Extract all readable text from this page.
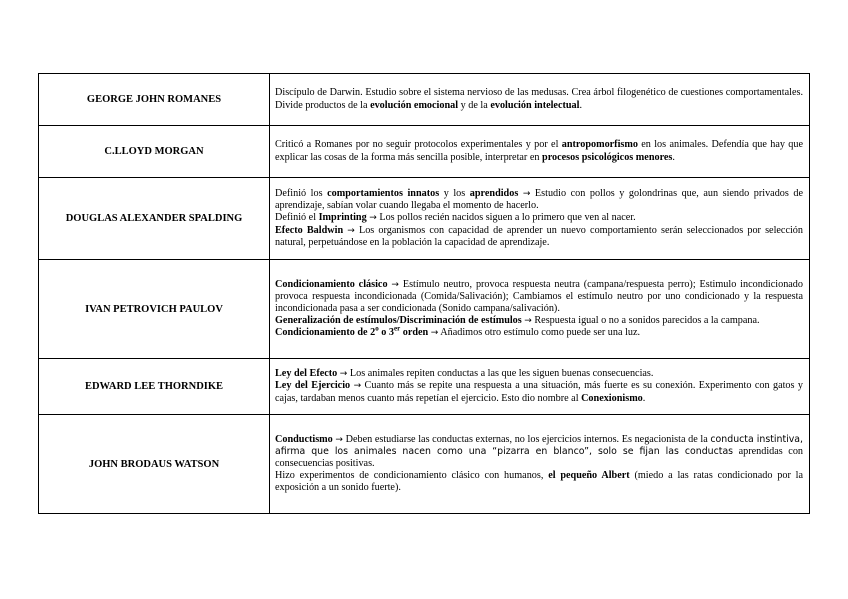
GEORGE JOHN ROMANES	Discípulo de Darwin. Estudio sobre el sistema nervioso de las medusas. Crea árbol filogenético de cuestiones comportamentales. Divide productos de la evolución emocional y de la evolución intelectual.

C.LLOYD MORGAN	Criticó a Romanes por no seguir protocolos experimentales y por el antropomorfismo en los animales. Defendía que hay que explicar las cosas de la forma más sencilla posible, interpretar en procesos psicológicos menores.

DOUGLAS ALEXANDER SPALDING	Definió los comportamientos innatos y los aprendidos → Estudio con pollos y golondrinas que, aun siendo privados de aprendizaje, sabían volar cuando llegaba el momento de hacerlo.

Definió el Imprinting → Los pollos recién nacidos siguen a lo primero que ven al nacer.

Efecto Baldwin → Los organismos con capacidad de aprender un nuevo comportamiento serán seleccionados por selección natural, perpetuándose en la población la capacidad de aprendizaje.

IVAN PETROVICH PAULOV	Condicionamiento clásico → Estímulo neutro, provoca respuesta neutra (campana/respuesta perro); Estimulo incondicionado provoca respuesta incondicionada (Comida/Salivación); Cambiamos el estímulo neutro por uno condicionado y la respuesta incondicionada pasa a ser condicionada (Sonido campana/salivación).

Generalización de estímulos/Discriminación de estímulos → Respuesta igual o no a sonidos parecidos a la campana.

Condicionamiento de 2$^o$ o 3er orden → Añadimos otro estímulo como puede ser una luz.

EDWARD LEE THORNDIKE	Ley del Efecto → Los animales repiten conductas a las que les siguen buenas consecuencias.

Ley del Ejercicio → Cuanto más se repite una respuesta a una situación, más fuerte es su conexión. Experimento con gatos y cajas, tardaban menos cuanto más repetían el ejercicio. Esto dio nombre al Conexionismo.

JOHN BRODAUS WATSON	Conductismo → Deben estudiarse las conductas externas, no los ejercicios internos. Es negacionista de la conducta instintiva, afirma que los animales nacen como una “pizarra en blanco”, solo se fijan las conductas aprendidas con consecuencias positivas.

Hizo experimentos de condicionamiento clásico con humanos, el pequeño Albert (miedo a las ratas condicionado por la exposición a un sonido fuerte).
